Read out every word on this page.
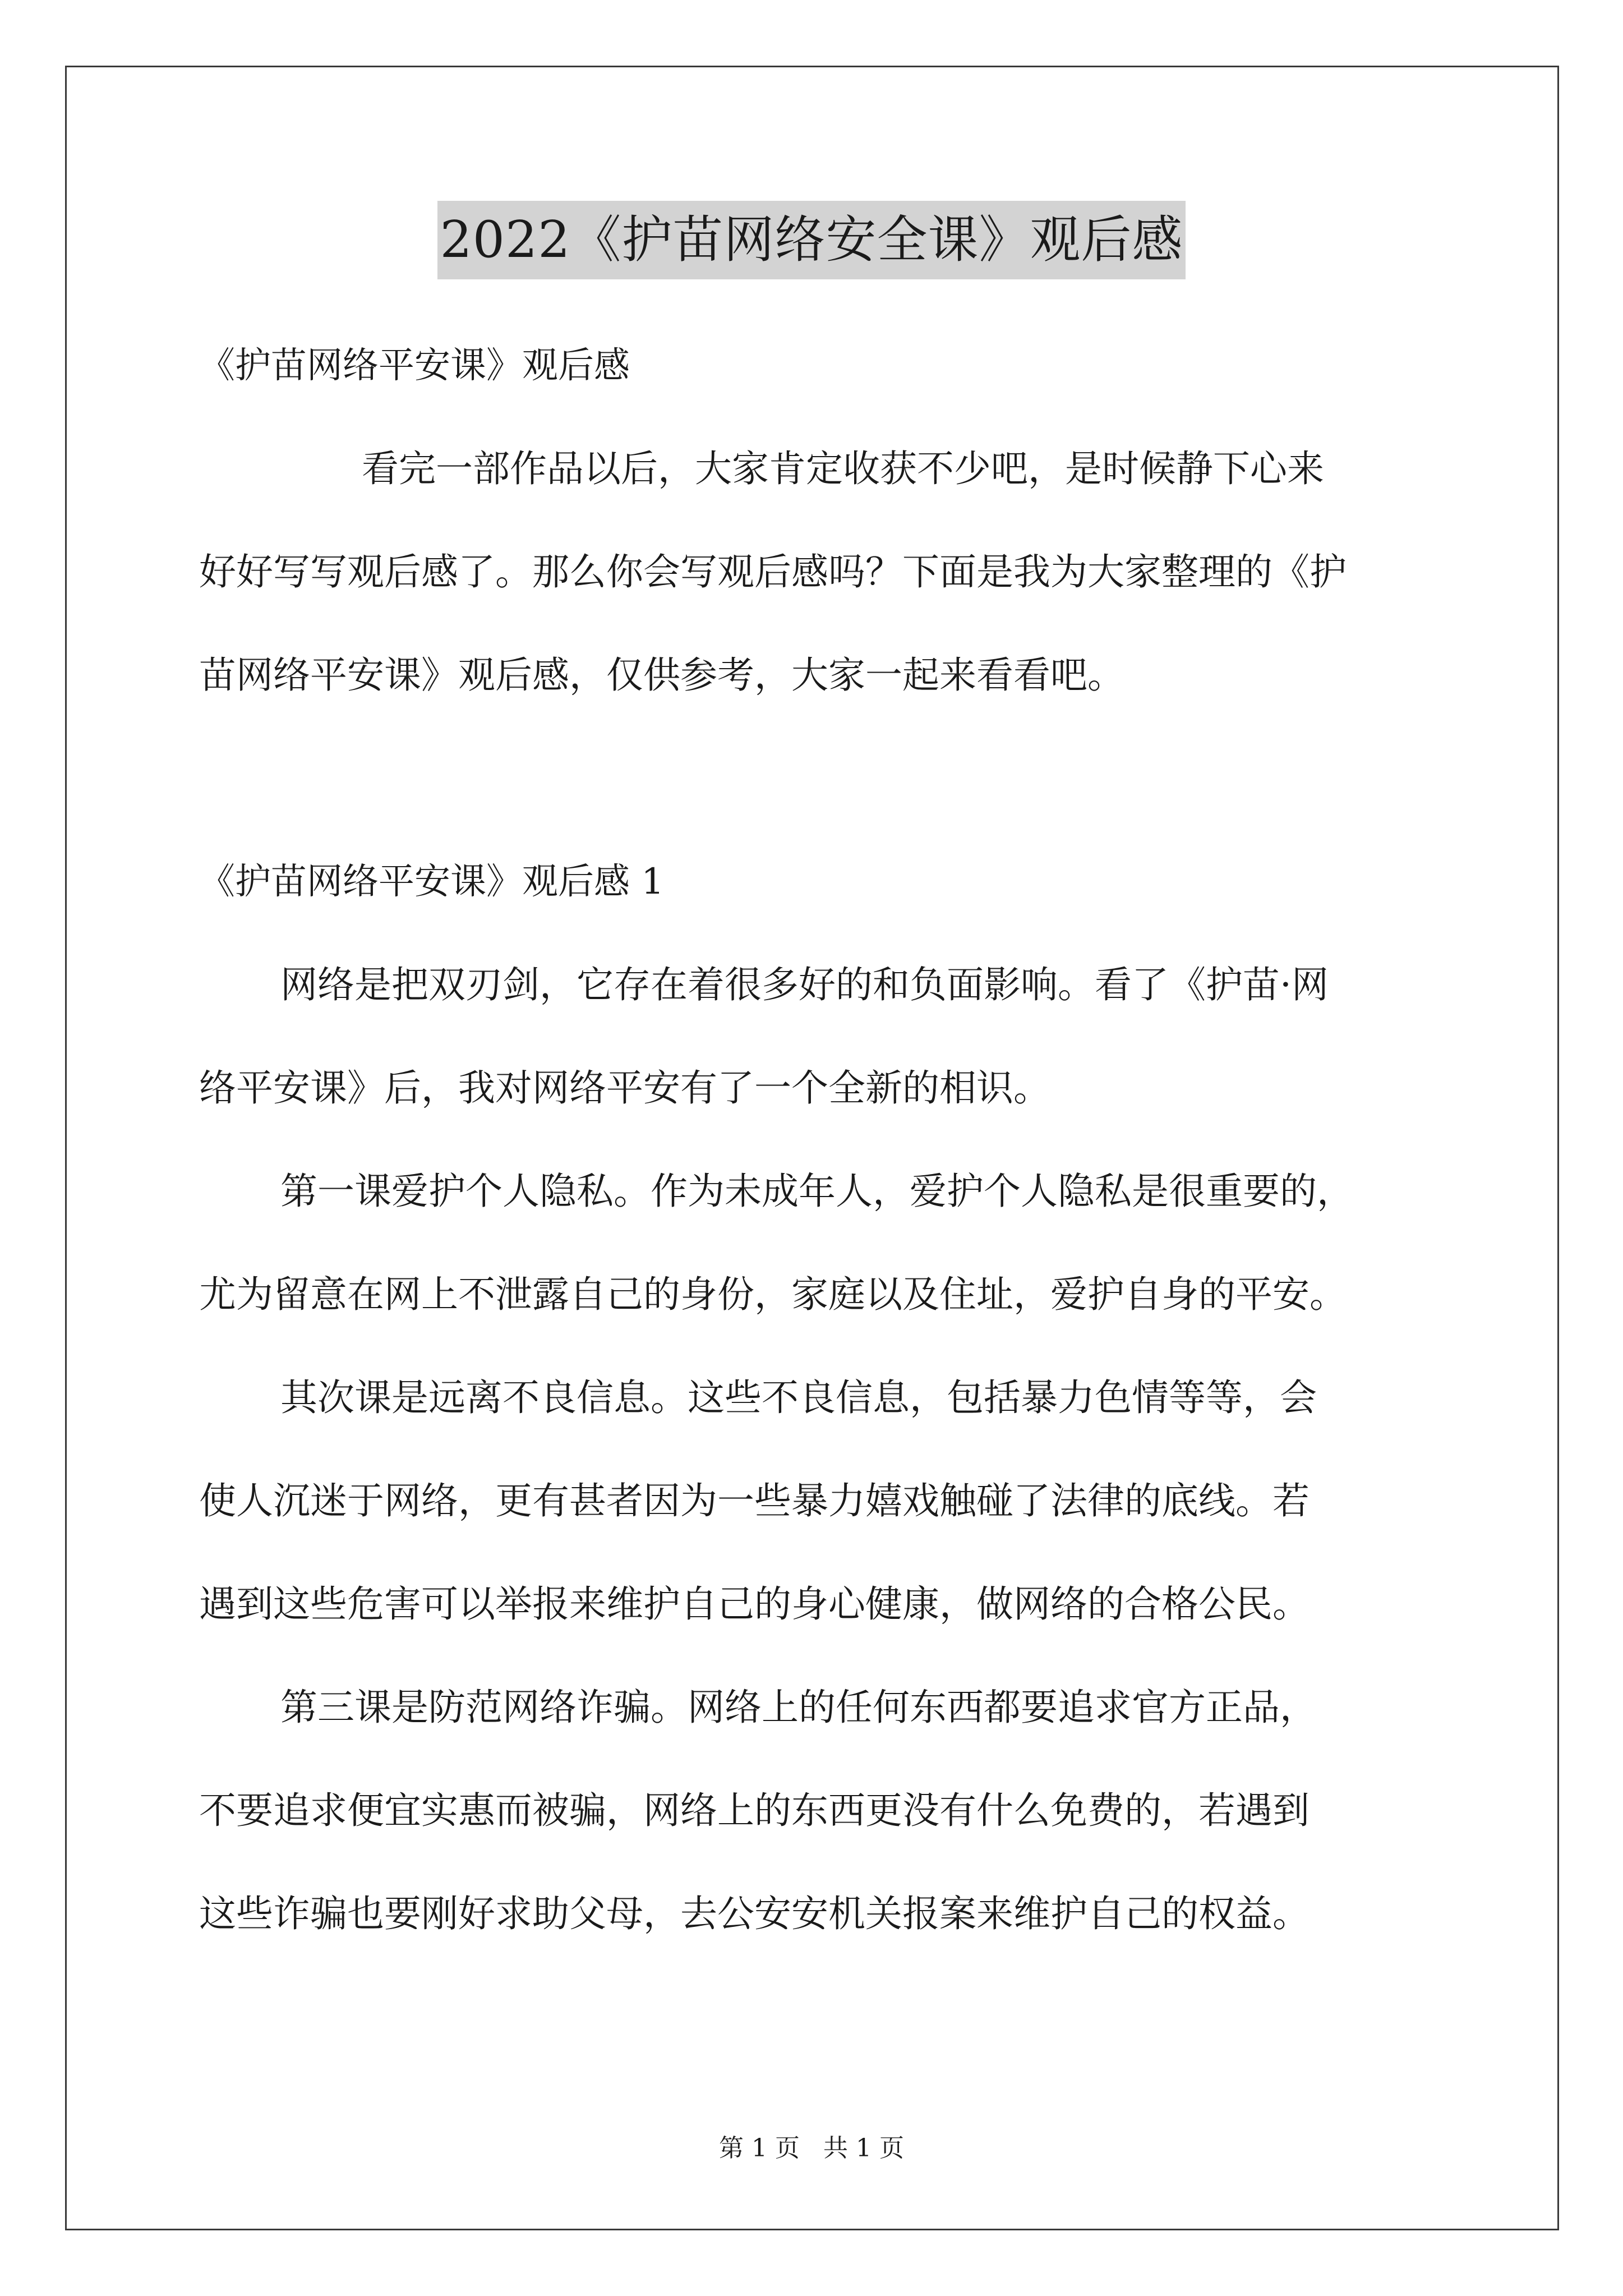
2022《护苗网络安全课》观后感
《护苗网络平安课》观后感

看完一部作品以后，大家肯定收获不少吧，是时候静下心来

好好写写观后感了。那么你会写观后感吗？下面是我为大家整理的《护

苗网络平安课》观后感，仅供参考，大家一起来看看吧。

《护苗网络平安课》观后感 1

网络是把双刃剑，它存在着很多好的和负面影响。看了《护苗·网

络平安课》后，我对网络平安有了一个全新的相识。

第一课爱护个人隐私。作为未成年人，爱护个人隐私是很重要的，

尤为留意在网上不泄露自己的身份，家庭以及住址，爱护自身的平安。

其次课是远离不良信息。这些不良信息，包括暴力色情等等，会

使人沉迷于网络，更有甚者因为一些暴力嬉戏触碰了法律的底线。若

遇到这些危害可以举报来维护自己的身心健康，做网络的合格公民。

第三课是防范网络诈骗。网络上的任何东西都要追求官方正品，

不要追求便宜实惠而被骗，网络上的东西更没有什么免费的，若遇到

这些诈骗也要刚好求助父母，去公安安机关报案来维护自己的权益。

第 1 页   共 1 页
